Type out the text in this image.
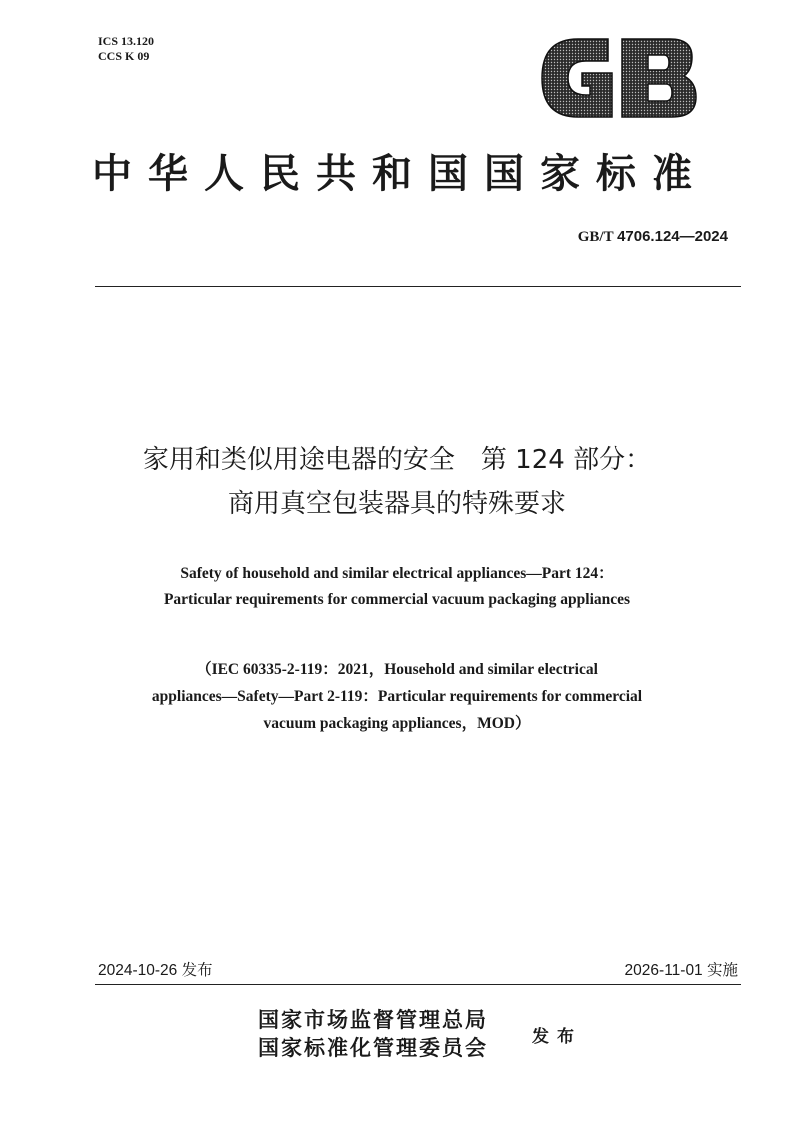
ICS 13.120
CCS K 09
中华人民共和国国家标准
GB/T 4706.124—2024
家用和类似用途电器的安全　第 124 部分：
商用真空包装器具的特殊要求
Safety of household and similar electrical appliances—Part 124：
Particular requirements for commercial vacuum packaging appliances
（IEC 60335-2-119：2021，Household and similar electrical
appliances—Safety—Part 2-119：Particular requirements for commercial
vacuum packaging appliances，MOD）
2024-10-26 发布	2026-11-01 实施
国家市场监督管理总局
国家标准化管理委员会	发布
